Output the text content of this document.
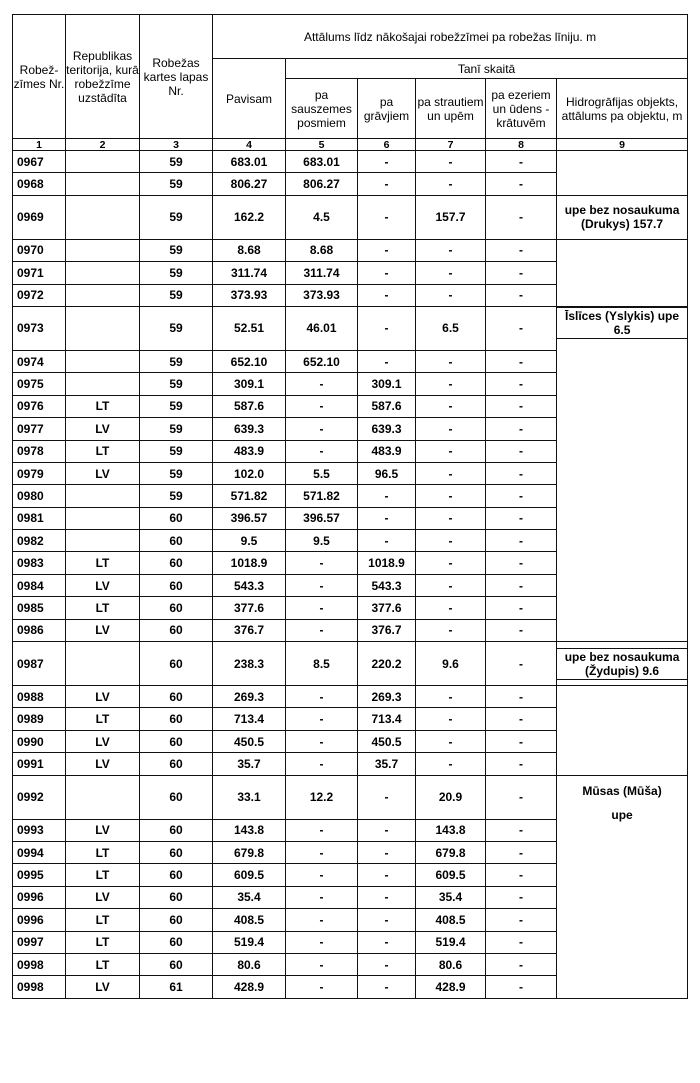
Robež-zīmes Nr.	Republikas teritorija, kurā robežzīme uzstādīta	Robežas kartes lapas Nr.	Attālums līdz nākošajai robežzīmei pa robežas līniju. m					
			Pavisam	Tanī skaitā				
				pa sauszemes posmiem	pa grāvjiem	pa strautiem un upēm	pa ezeriem un ūdens - krātuvēm	Hidrogrāfijas objekts, attālums pa objektu, m
1	2	3	4	5	6	7	8	9
0967		59	683.01	683.01	-	-	-	
0968		59	806.27	806.27	-	-	-	
0969		59	162.2	4.5	-	157.7	-	upe bez nosaukuma (Drukys) 157.7
0970		59	8.68	8.68	-	-	-	
0971		59	311.74	311.74	-	-	-	
0972		59	373.93	373.93	-	-	-	
0973		59	52.51	46.01	-	6.5	-	Īslīces (Yslykis) upe 6.5
0974		59	652.10	652.10	-	-	-	
0975		59	309.1	-	309.1	-	-	
0976	LT	59	587.6	-	587.6	-	-	
0977	LV	59	639.3	-	639.3	-	-	
0978	LT	59	483.9	-	483.9	-	-	
0979	LV	59	102.0	5.5	96.5	-	-	
0980		59	571.82	571.82	-	-	-	
0981		60	396.57	396.57	-	-	-	
0982		60	9.5	9.5	-	-	-	
0983	LT	60	1018.9	-	1018.9	-	-	
0984	LV	60	543.3	-	543.3	-	-	
0985	LT	60	377.6	-	377.6	-	-	
0986	LV	60	376.7	-	376.7	-	-	
0987		60	238.3	8.5	220.2	9.6	-	upe bez nosaukuma (Žydupis) 9.6
0988	LV	60	269.3	-	269.3	-	-	
0989	LT	60	713.4	-	713.4	-	-	
0990	LV	60	450.5	-	450.5	-	-	
0991	LV	60	35.7	-	35.7	-	-	
0992		60	33.1	12.2	-	20.9	-	Mūsas (Mūša)
upe

0993	LV	60	143.8	-	-	143.8	-	
0994	LT	60	679.8	-	-	679.8	-	
0995	LT	60	609.5	-	-	609.5	-	
0996	LV	60	35.4	-	-	35.4	-	
0996	LT	60	408.5	-	-	408.5	-	
0997	LT	60	519.4	-	-	519.4	-	
0998	LT	60	80.6	-	-	80.6	-	
0998	LV	61	428.9	-	-	428.9	-	
